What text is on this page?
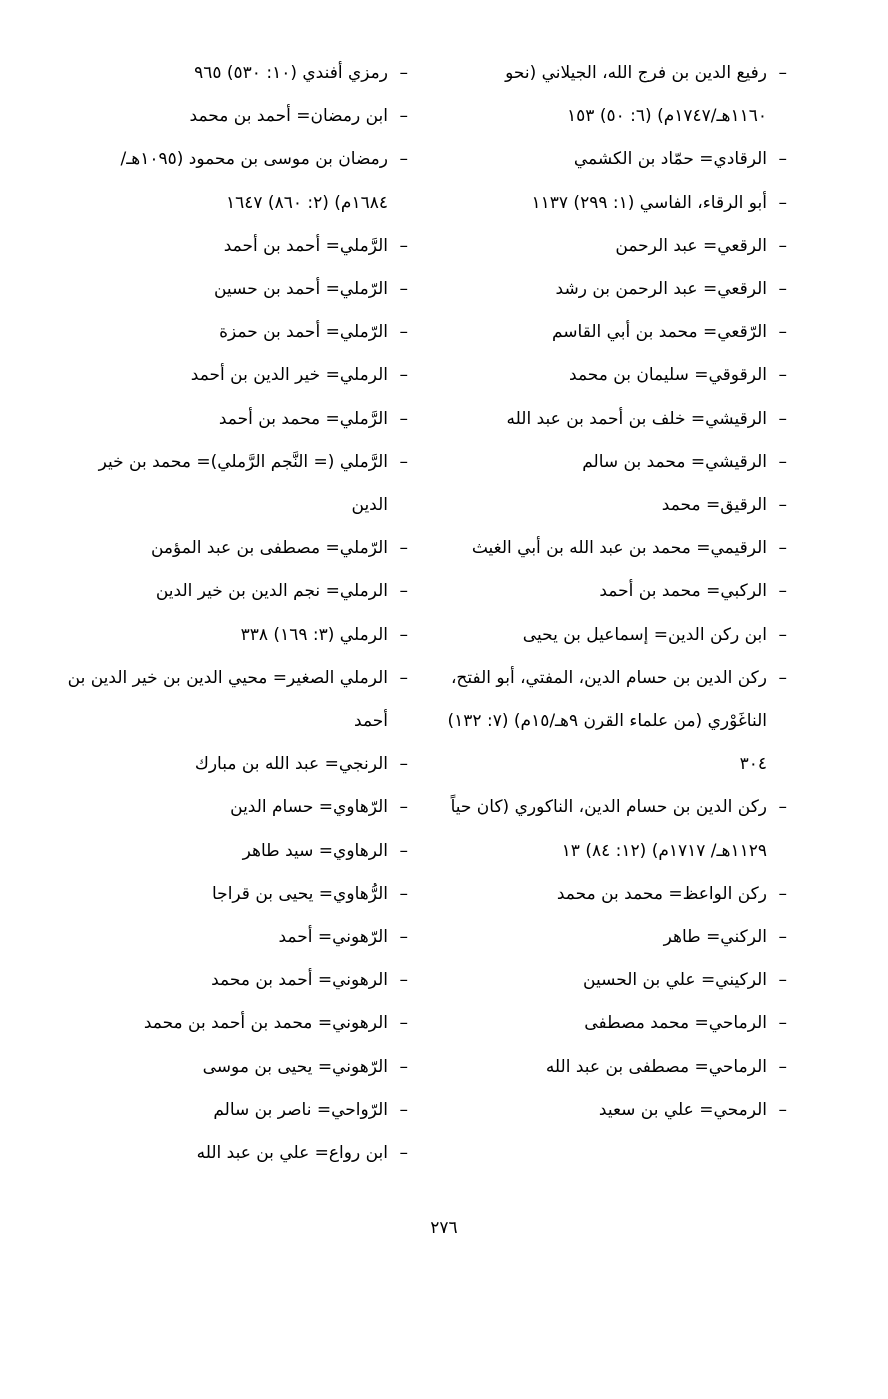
–
رفيع الدين بن فرج الله، الجيلاني (نحو ١١٦٠هـ/١٧٤٧م) (٦: ٥٠) ١٥٣
–
الرقادي= حمّاد بن الكشمي
–
أبو الرقاء، الفاسي (١: ٢٩٩) ١١٣٧
–
الرقعي= عبد الرحمن
–
الرقعي= عبد الرحمن بن رشد
–
الرّقعي= محمد بن أبي القاسم
–
الرقوقي= سليمان بن محمد
–
الرقيشي= خلف بن أحمد بن عبد الله
–
الرقيشي= محمد بن سالم
–
الرقيق= محمد
–
الرقيمي= محمد بن عبد الله بن أبي الغيث
–
الركبي= محمد بن أحمد
–
ابن ركن الدين= إسماعيل بن يحيى
–
ركن الدين بن حسام الدين، المفتي، أبو الفتح، الناغَوْري (من علماء القرن ٩هـ/١٥م) (٧: ١٣٢) ٣٠٤
–
ركن الدين بن حسام الدين، الناكوري (كان حياً ١١٢٩هـ/ ١٧١٧م) (١٢: ٨٤) ١٣
–
ركن الواعظ= محمد بن محمد
–
الركني= طاهر
–
الركيني= علي بن الحسين
–
الرماحي= محمد مصطفى
–
الرماحي= مصطفى بن عبد الله
–
الرمحي= علي بن سعيد
–
رمزي أفندي (١٠: ٥٣٠) ٩٦٥
–
ابن رمضان= أحمد بن محمد
–
رمضان بن موسى بن محمود (١٠٩٥هـ/ ١٦٨٤م) (٢: ٨٦٠) ١٦٤٧
–
الرَّملي= أحمد بن أحمد
–
الرّملي= أحمد بن حسين
–
الرّملي= أحمد بن حمزة
–
الرملي= خير الدين بن أحمد
–
الرَّملي= محمد بن أحمد
–
الرَّملي (= النَّجم الرَّملي)= محمد بن خير الدين
–
الرّملي= مصطفى بن عبد المؤمن
–
الرملي= نجم الدين بن خير الدين
–
الرملي (٣: ١٦٩) ٣٣٨
–
الرملي الصغير= محيي الدين بن خير الدين بن أحمد
–
الرنجي= عبد الله بن مبارك
–
الرّهاوي= حسام الدين
–
الرهاوي= سيد طاهر
–
الرُّهاوي= يحيى بن قراجا
–
الرّهوني= أحمد
–
الرهوني= أحمد بن محمد
–
الرهوني= محمد بن أحمد بن محمد
–
الرّهوني= يحيى بن موسى
–
الرّواحي= ناصر بن سالم
–
ابن رواع= علي بن عبد الله
٢٧٦
